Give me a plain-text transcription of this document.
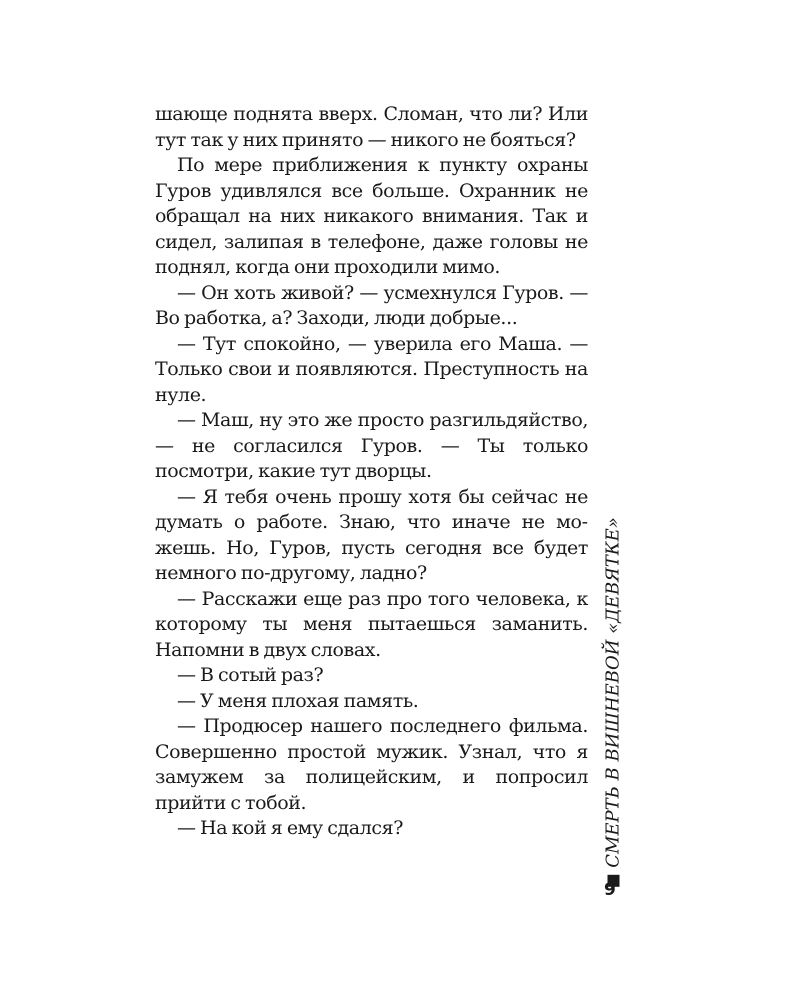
шающе поднята вверх. Сломан, что ли? Или тут так у них принято — никого не бояться?

По мере приближения к пункту охраны Гуров удивлялся все больше. Охранник не обращал на них никакого внимания. Так и сидел, залипая в телефоне, даже головы не поднял, когда они проходили мимо.

— Он хоть живой? — усмехнулся Гуров. — Во работка, а? Заходи, люди добрые...

— Тут спокойно, — уверила его Маша. — Только свои и появляются. Преступность на нуле.

— Маш, ну это же просто разгильдяйство, — не согласился Гуров. — Ты только посмотри, какие тут дворцы.

— Я тебя очень прошу хотя бы сейчас не думать о работе. Знаю, что иначе не можешь. Но, Гуров, пусть сегодня все будет немного по-другому, ладно?

— Расскажи еще раз про того человека, к которому ты меня пытаешься заманить. Напомни в двух словах.

— В сотый раз?

— У меня плохая память.

— Продюсер нашего последнего фильма. Совершенно простой мужик. Узнал, что я замужем за полицейским, и попросил прийти с тобой.

— На кой я ему сдался?	СМЕРТЬ В ВИШНЕВОЙ «ДЕВЯТКЕ»
9
